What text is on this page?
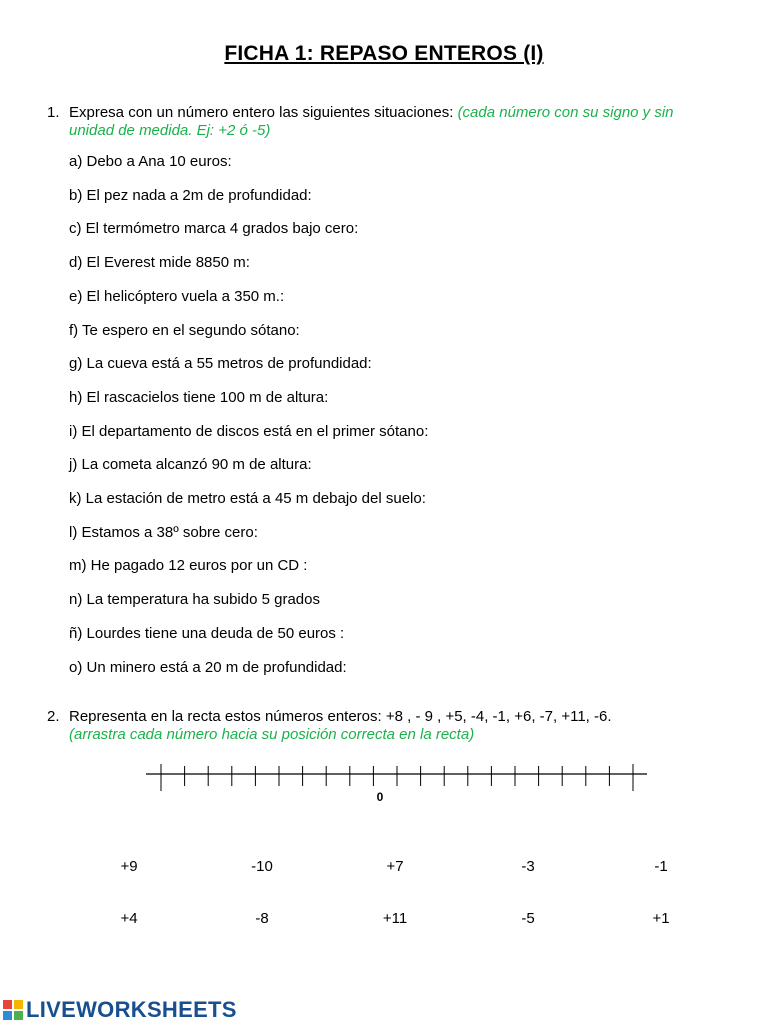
FICHA 1: REPASO ENTEROS (I)
1. Expresa con un número entero las siguientes situaciones: (cada número con su signo y sin
unidad de medida. Ej: +2 ó -5)
a) Debo a Ana 10 euros:
b) El pez nada a 2m de profundidad:
c) El termómetro marca 4 grados bajo cero:
d) El Everest mide 8850 m:
e) El helicóptero vuela a 350 m.:
f) Te espero en el segundo sótano:
g) La cueva está a 55 metros de profundidad:
h) El rascacielos tiene 100 m de altura:
i) El departamento de discos está en el primer sótano:
j) La cometa alcanzó 90 m de altura:
k) La estación de metro está a 45 m debajo del suelo:
l) Estamos a 38º sobre cero:
m) He pagado 12 euros por un CD :
n) La temperatura ha subido 5 grados
ñ) Lourdes tiene una deuda de 50 euros :
o) Un minero está a 20 m de profundidad:
2. Representa en la recta estos números enteros: +8 , - 9 , +5, -4, -1, +6, -7, +11, -6.
(arrastra cada número hacia su posición correcta en la recta)
0
+9	-10	+7	-3	-1
+4	-8	+11	-5	+1
LIVEWORKSHEETS
